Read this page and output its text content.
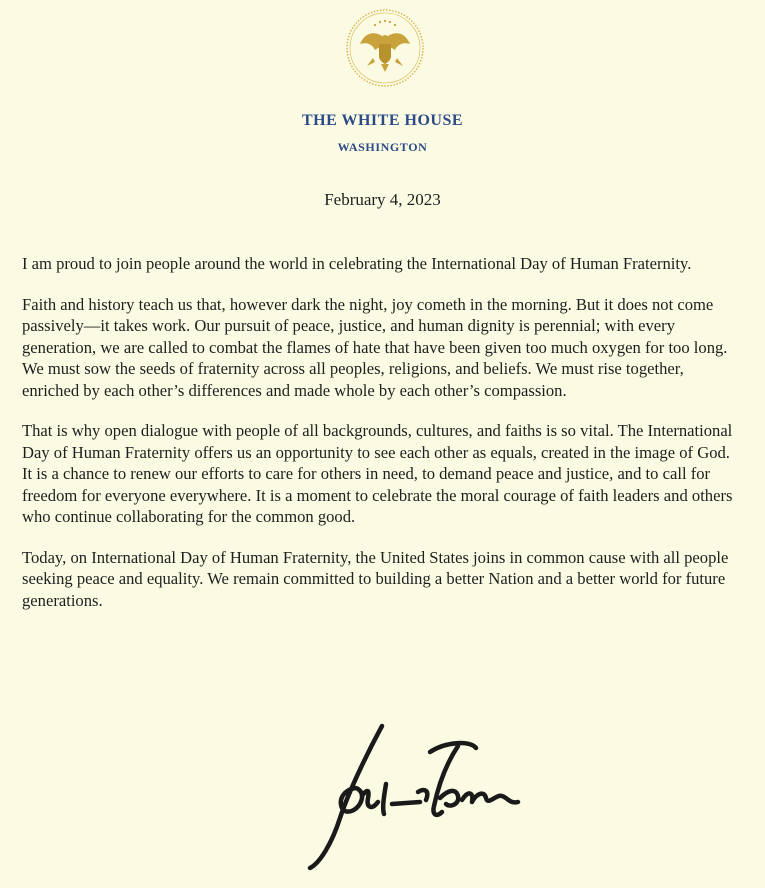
THE WHITE HOUSE
WASHINGTON
February 4, 2023

I am proud to join people around the world in celebrating the International Day of Human Fraternity.

Faith and history teach us that, however dark the night, joy cometh in the morning. But it does not come passively—it takes work. Our pursuit of peace, justice, and human dignity is perennial; with every generation, we are called to combat the flames of hate that have been given too much oxygen for too long. We must sow the seeds of fraternity across all peoples, religions, and beliefs. We must rise together, enriched by each other’s differences and made whole by each other’s compassion.

That is why open dialogue with people of all backgrounds, cultures, and faiths is so vital. The International Day of Human Fraternity offers us an opportunity to see each other as equals, created in the image of God. It is a chance to renew our efforts to care for others in need, to demand peace and justice, and to call for freedom for everyone everywhere. It is a moment to celebrate the moral courage of faith leaders and others who continue collaborating for the common good.

Today, on International Day of Human Fraternity, the United States joins in common cause with all people seeking peace and equality. We remain committed to building a better Nation and a better world for future generations.
